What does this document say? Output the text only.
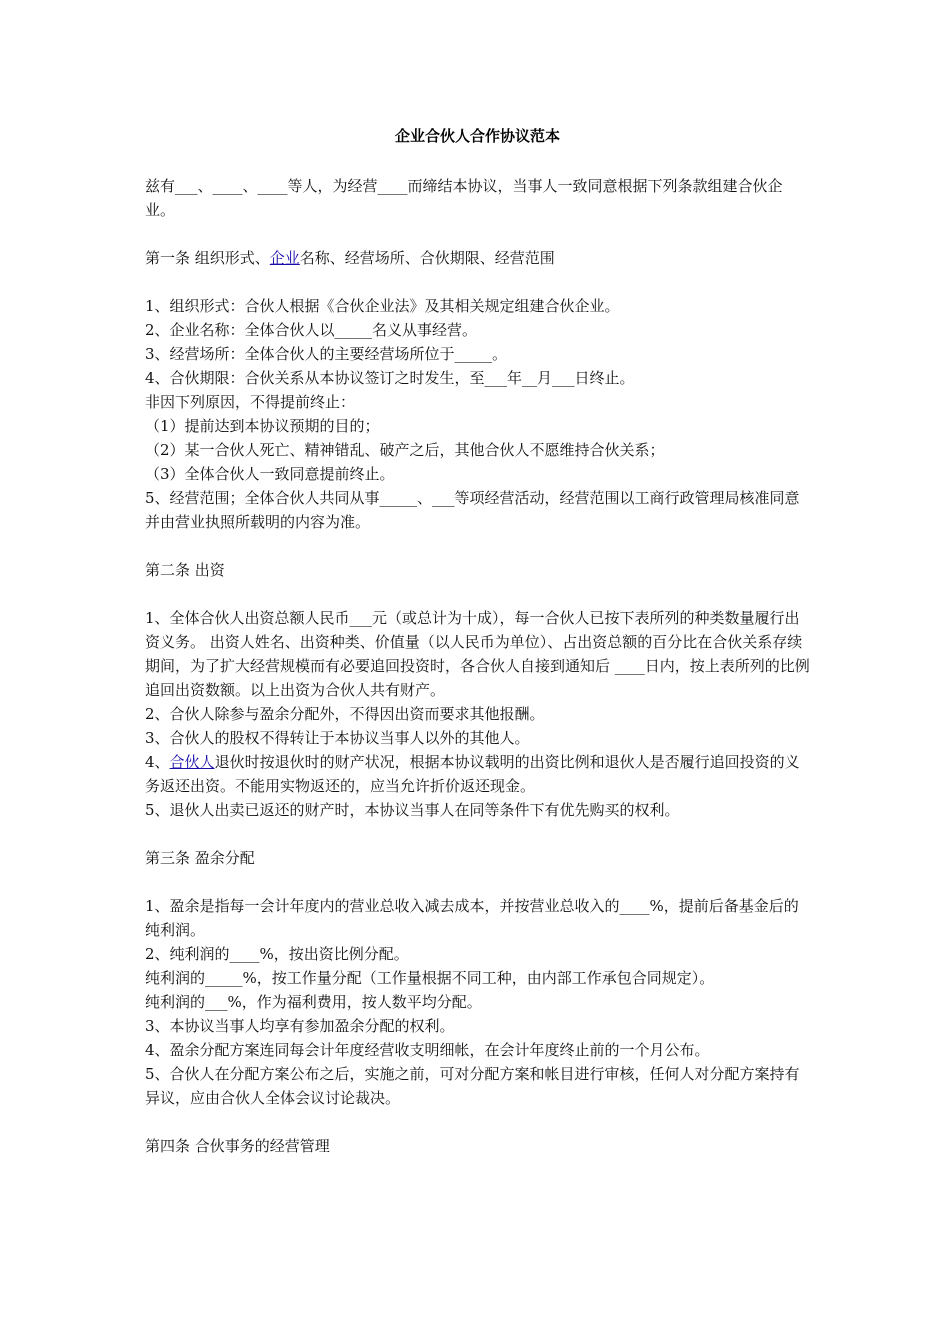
企业合伙人合作协议范本

兹有___、____、____等人，为经营____而缔结本协议，当事人一致同意根据下列条款组建合伙企业。

第一条 组织形式、企业名称、经营场所、合伙期限、经营范围

1、组织形式：合伙人根据《合伙企业法》及其相关规定组建合伙企业。

2、企业名称：全体合伙人以_____名义从事经营。

3、经营场所：全体合伙人的主要经营场所位于_____。

4、合伙期限：合伙关系从本协议签订之时发生，至___年__月___日终止。

非因下列原因，不得提前终止：

（1）提前达到本协议预期的目的；

（2）某一合伙人死亡、精神错乱、破产之后，其他合伙人不愿维持合伙关系；

（3）全体合伙人一致同意提前终止。

5、经营范围；全体合伙人共同从事_____、___等项经营活动，经营范围以工商行政管理局核准同意并由营业执照所载明的内容为准。

第二条 出资

1、全体合伙人出资总额人民币___元（或总计为十成），每一合伙人已按下表所列的种类数量履行出资义务。 出资人姓名、出资种类、价值量（以人民币为单位）、占出资总额的百分比在合伙关系存续期间，为了扩大经营规模而有必要追回投资时，各合伙人自接到通知后 ____日内，按上表所列的比例追回出资数额。以上出资为合伙人共有财产。

2、合伙人除参与盈余分配外，不得因出资而要求其他报酬。

3、合伙人的股权不得转让于本协议当事人以外的其他人。

4、合伙人退伙时按退伙时的财产状况，根据本协议载明的出资比例和退伙人是否履行追回投资的义务返还出资。不能用实物返还的，应当允许折价返还现金。

5、退伙人出卖已返还的财产时，本协议当事人在同等条件下有优先购买的权利。

第三条 盈余分配

1、盈余是指每一会计年度内的营业总收入减去成本，并按营业总收入的____%，提前后备基金后的纯利润。

2、纯利润的____%，按出资比例分配。

纯利润的_____%，按工作量分配（工作量根据不同工种，由内部工作承包合同规定）。

纯利润的___%，作为福利费用，按人数平均分配。

3、本协议当事人均享有参加盈余分配的权利。

4、盈余分配方案连同每会计年度经营收支明细帐，在会计年度终止前的一个月公布。

5、合伙人在分配方案公布之后，实施之前，可对分配方案和帐目进行审核，任何人对分配方案持有异议，应由合伙人全体会议讨论裁决。

第四条 合伙事务的经营管理
